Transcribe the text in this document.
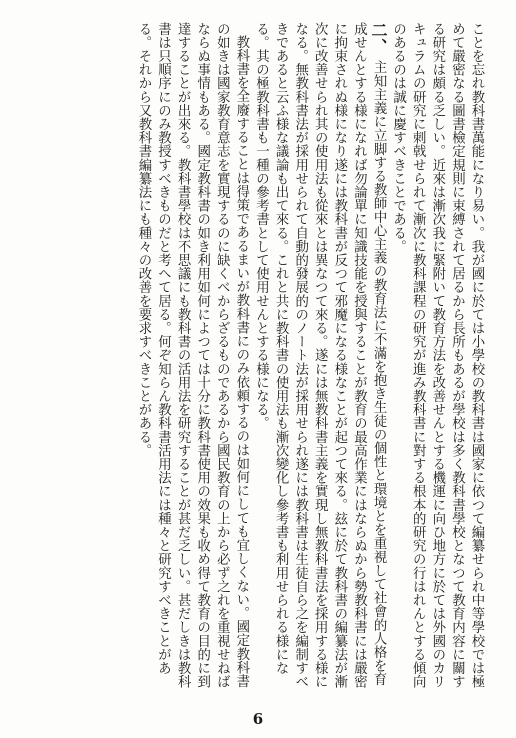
ことを忘れ教科書萬能になり易い。我が國に於ては小學校の教科書は國家に依つて編纂せられ中等學校では極めて嚴密なる圖書檢定規則に束縛されて居るから長所もあるが學校は多く教科書學校となつて教育内容に關する研究は頗る乏しい。近來は漸次我に緊附いて教育方法を改善せんとする機運に向ひ地方に於ては外國のカリキュラムの研究に刺戟せられて漸次に教科課程の研究が進み教科書に對する根本的研究の行はれんとする傾向のあるのは誠に慶すべきことである。

二、主知主義に立脚する教師中心主義の教育法に不滿を抱き生徒の個性と環境とを重視して社會的人格を育成せんとする様になれば勿論單に知識技能を授與することが教育の最高作業にはならぬから勢教科書には嚴密に拘束されぬ様になり遂には教科書が反つて邪魔になる様なことが起つて來る。玆に於て教科書の編纂法が漸次に改善せられ其の使用法も從來とは異なつて來る。遂には無教科書主義を實現し無教科書法を採用する様になる。無教科書法が採用せられて自動的發展的のノート法が採用せられ遂には教科書は生徒自ら之を編制すべきであると云ふ様な議論も出て來る。これと共に教科書の使用法も漸次變化し參考書も利用せられる様になる。其の極教科書も一種の參考書として使用せんとする様になる。

教科書を全廢することは得策であるまいが教科書にのみ依頼するのは如何にしても宜しくない。國定教科書の如きは國家教育意志を實現するのに缺くべからざるものであるから國民教育の上から必ず之れを重視せねばならぬ事情もある。國定教科書の如き利用如何によつては十分に教科書使用の效果も收め得て教育の目的に到達することが出來る。教科書學校は不思議にも教科書の活用法を研究することが甚だ乏しい。甚だしきは教科書は只順序にのみ教授すべきものだと考へて居る。何ぞ知らん教科書活用法には種々と研究すべきことがある。それから又教科書編纂法にも種々の改善を要求すべきことがある。

6
